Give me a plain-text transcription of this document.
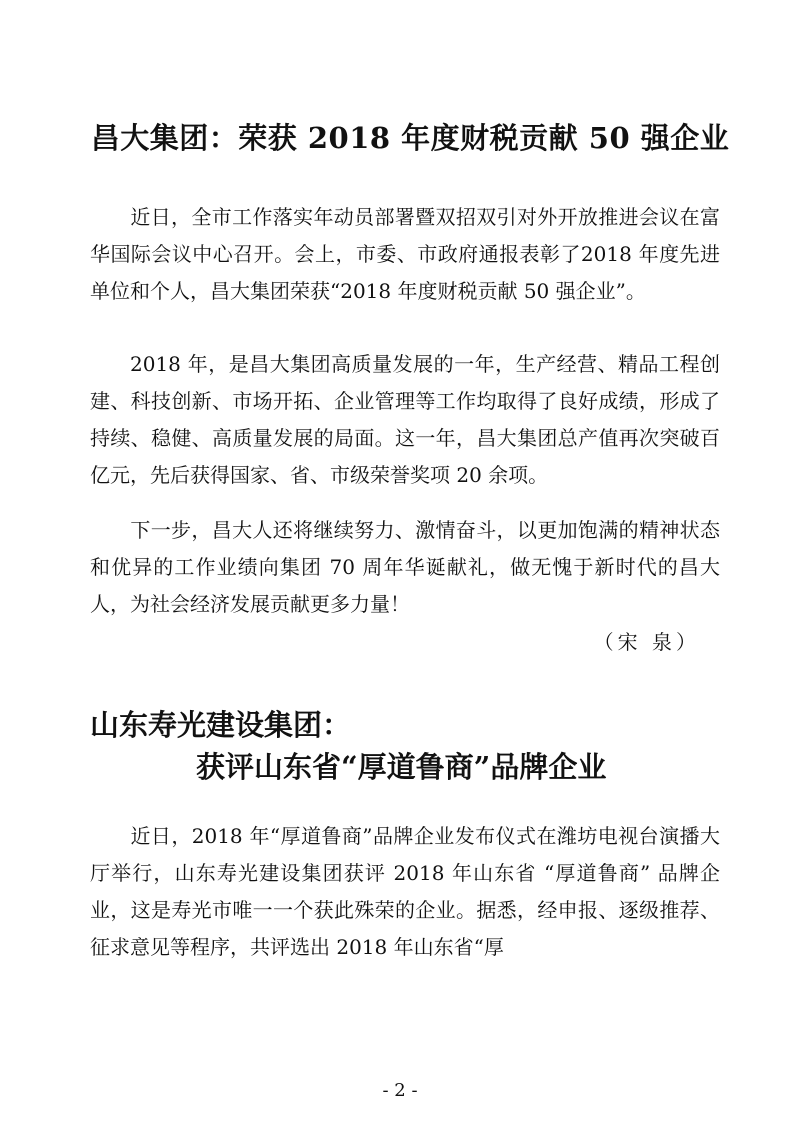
昌大集团：荣获 2018 年度财税贡献 50 强企业

近日，全市工作落实年动员部署暨双招双引对外开放推进会议在富华国际会议中心召开。会上，市委、市政府通报表彰了2018 年度先进单位和个人，昌大集团荣获“2018 年度财税贡献 50 强企业”。

2018 年，是昌大集团高质量发展的一年，生产经营、精品工程创建、科技创新、市场开拓、企业管理等工作均取得了良好成绩，形成了持续、稳健、高质量发展的局面。这一年，昌大集团总产值再次突破百亿元，先后获得国家、省、市级荣誉奖项 20 余项。

下一步，昌大人还将继续努力、激情奋斗，以更加饱满的精神状态和优异的工作业绩向集团 70 周年华诞献礼，做无愧于新时代的昌大人，为社会经济发展贡献更多力量！

（宋 泉）
山东寿光建设集团：
获评山东省“厚道鲁商”品牌企业

近日，2018 年“厚道鲁商”品牌企业发布仪式在潍坊电视台演播大厅举行，山东寿光建设集团获评 2018 年山东省 “厚道鲁商” 品牌企业，这是寿光市唯一一个获此殊荣的企业。据悉，经申报、逐级推荐、征求意见等程序，共评选出 2018 年山东省“厚

- 2 -
